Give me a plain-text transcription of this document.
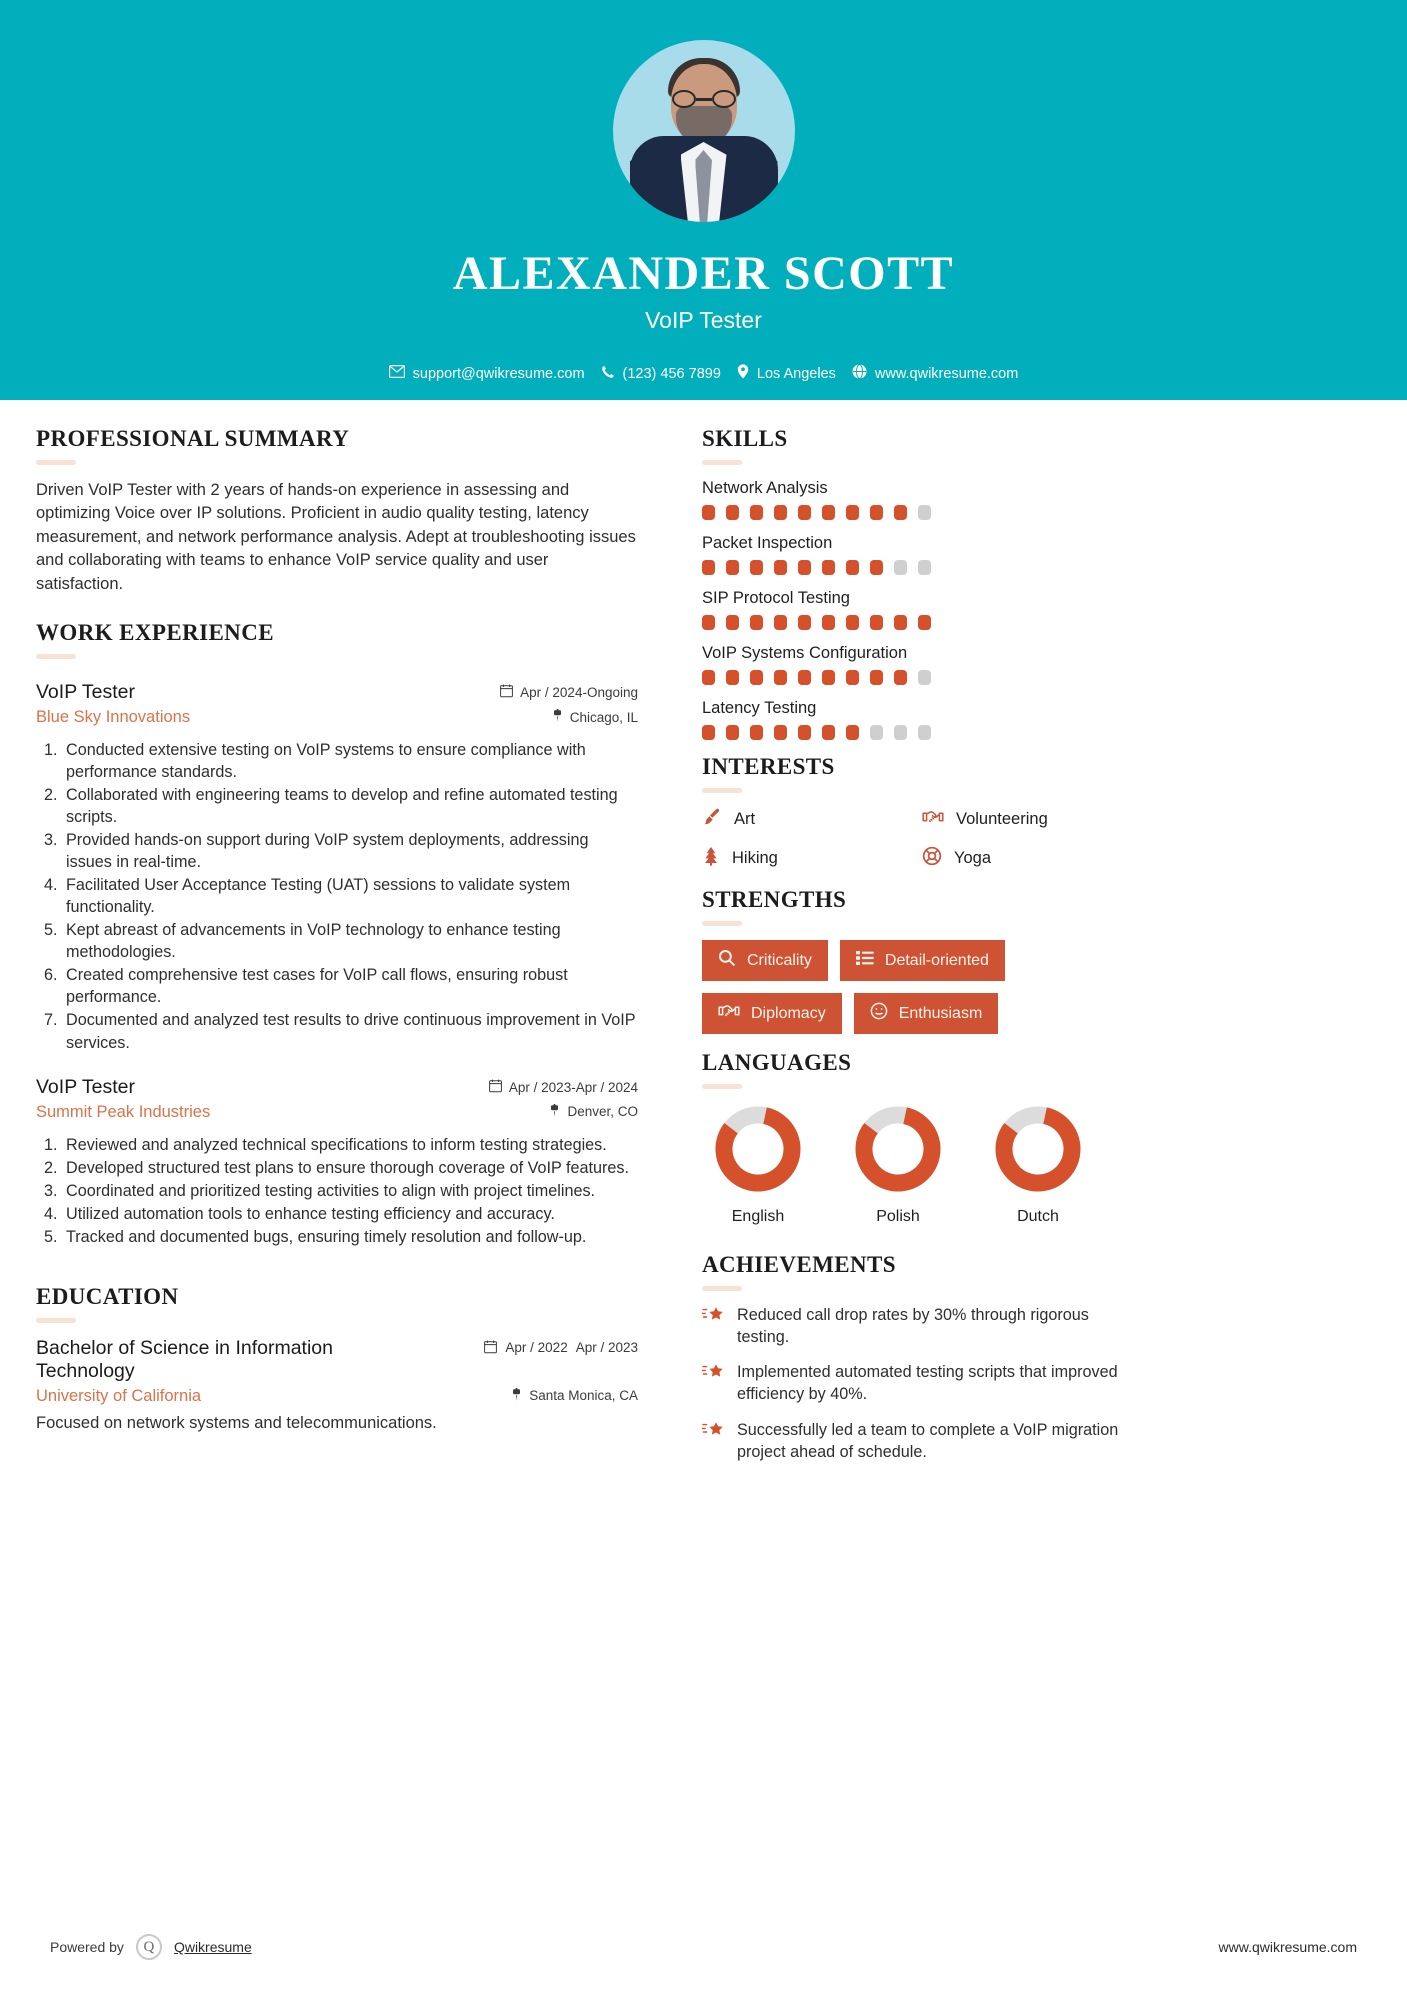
ALEXANDER SCOTT
VoIP Tester
support@qwikresume.com	(123) 456 7899 Los Angeles	www.qwikresume.com
PROFESSIONAL SUMMARY

Driven VoIP Tester with 2 years of hands-on experience in assessing and optimizing Voice over IP solutions. Proficient in audio quality testing, latency measurement, and network performance analysis. Adept at troubleshooting issues and collaborating with teams to enhance VoIP service quality and user satisfaction.

WORK EXPERIENCE
VoIP Tester	Apr / 2024-Ongoing
Blue Sky Innovations	Chicago, IL
1. Conducted extensive testing on VoIP systems to ensure compliance with performance standards.
2. Collaborated with engineering teams to develop and refine automated testing scripts.
3. Provided hands-on support during VoIP system deployments, addressing issues in real-time.
4. Facilitated User Acceptance Testing (UAT) sessions to validate system functionality.
5. Kept abreast of advancements in VoIP technology to enhance testing methodologies.
6. Created comprehensive test cases for VoIP call flows, ensuring robust performance.
7. Documented and analyzed test results to drive continuous improvement in VoIP services.
VoIP Tester	Apr / 2023-Apr / 2024
Summit Peak Industries	Denver, CO
1. Reviewed and analyzed technical specifications to inform testing strategies.
2. Developed structured test plans to ensure thorough coverage of VoIP features.
3. Coordinated and prioritized testing activities to align with project timelines.
4. Utilized automation tools to enhance testing efficiency and accuracy.
5. Tracked and documented bugs, ensuring timely resolution and follow-up.
EDUCATION
Bachelor of Science in Information Technology
Apr / 2022 Apr / 2023
University of California	Santa Monica, CA
Focused on network systems and telecommunications.
SKILLS
Network Analysis
Packet Inspection
SIP Protocol Testing
VoIP Systems Configuration
Latency Testing
INTERESTS
Art	Volunteering
Hiking	Yoga
STRENGTHS
Criticality	Detail-oriented
Diplomacy	Enthusiasm
LANGUAGES
English	Polish	Dutch
ACHIEVEMENTS
Reduced call drop rates by 30% through rigorous testing.
Implemented automated testing scripts that improved efficiency by 40%.
Successfully led a team to complete a VoIP migration project ahead of schedule.
Powered by	Q	Qwikresume	www.qwikresume.com
